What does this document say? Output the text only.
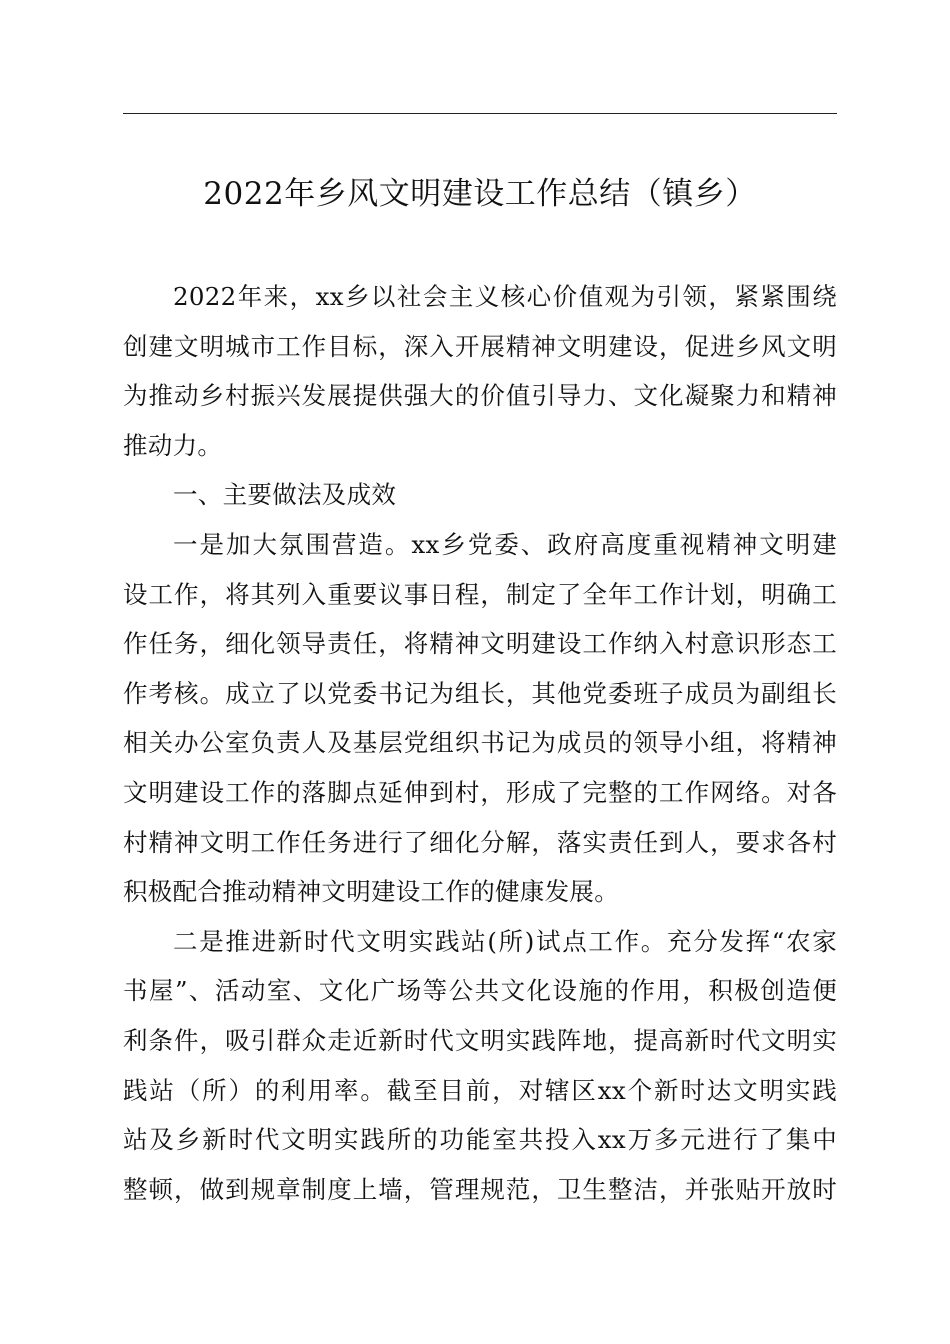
2022年乡风文明建设工作总结（镇乡）
2022年来，xx乡以社会主义核心价值观为引领，紧紧围绕
创建文明城市工作目标，深入开展精神文明建设，促进乡风文明
为推动乡村振兴发展提供强大的价值引导力、文化凝聚力和精神
推动力。
一、主要做法及成效
一是加大氛围营造。xx乡党委、政府高度重视精神文明建
设工作，将其列入重要议事日程，制定了全年工作计划，明确工
作任务，细化领导责任，将精神文明建设工作纳入村意识形态工
作考核。成立了以党委书记为组长，其他党委班子成员为副组长
相关办公室负责人及基层党组织书记为成员的领导小组，将精神
文明建设工作的落脚点延伸到村，形成了完整的工作网络。对各
村精神文明工作任务进行了细化分解，落实责任到人，要求各村
积极配合推动精神文明建设工作的健康发展。
二是推进新时代文明实践站(所)试点工作。充分发挥“农家
书屋”、活动室、文化广场等公共文化设施的作用，积极创造便
利条件，吸引群众走近新时代文明实践阵地，提高新时代文明实
践站（所）的利用率。截至目前，对辖区xx个新时达文明实践
站及乡新时代文明实践所的功能室共投入xx万多元进行了集中
整顿，做到规章制度上墙，管理规范，卫生整洁，并张贴开放时
